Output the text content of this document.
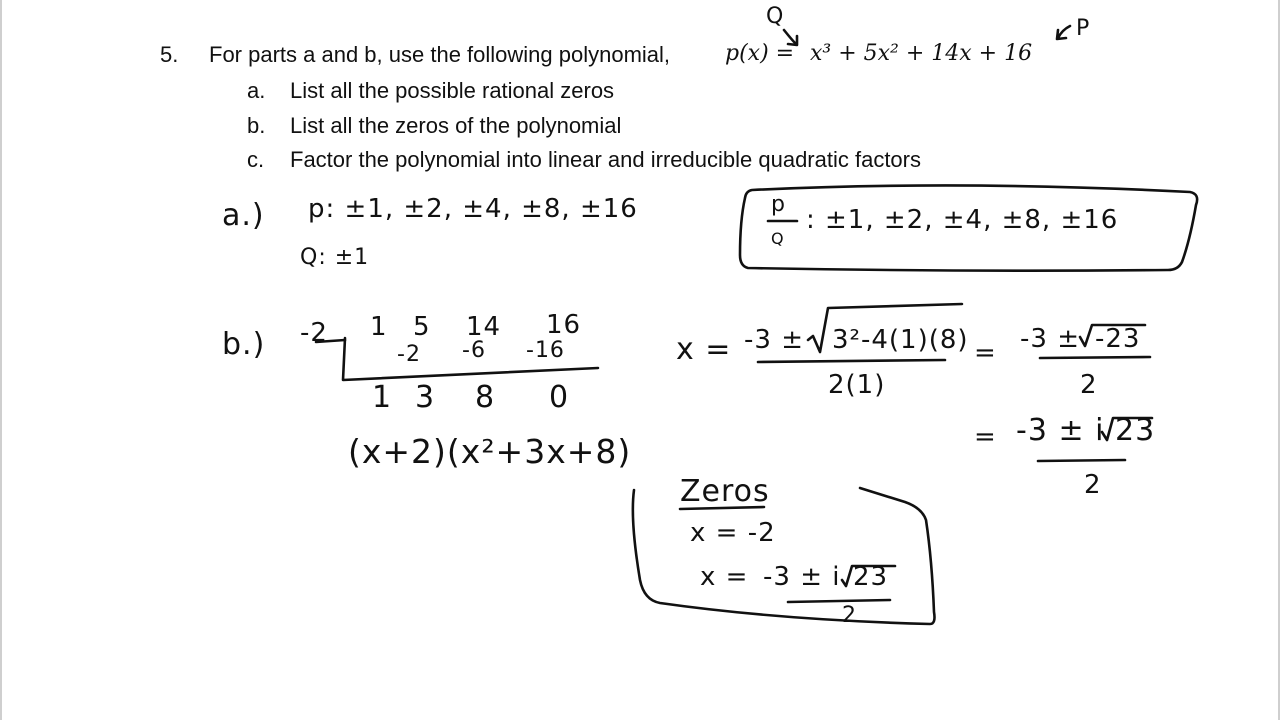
5. For parts a and b, use the following polynomial, p(x) = x³ + 5x² + 14x + 16
Q	P
a. List all the possible rational zeros
b. List all the zeros of the polynomial
c. Factor the polynomial into linear and irreducible quadratic factors
a.) p: ±1, ±2, ±4, ±8, ±16
Q: ±1
p
Q
: ±1, ±2, ±4, ±8, ±16
b.) -2 1 5 14 16
-2 -6 -16
1 3 8 0
(x+2)(x²+3x+8)
x = -3 ± 3²-4(1)(8)
2(1)
= -3 ± -23
2
= -3 ± i 23
2
Zeros
x = -2
x = -3 ± i 23
2
